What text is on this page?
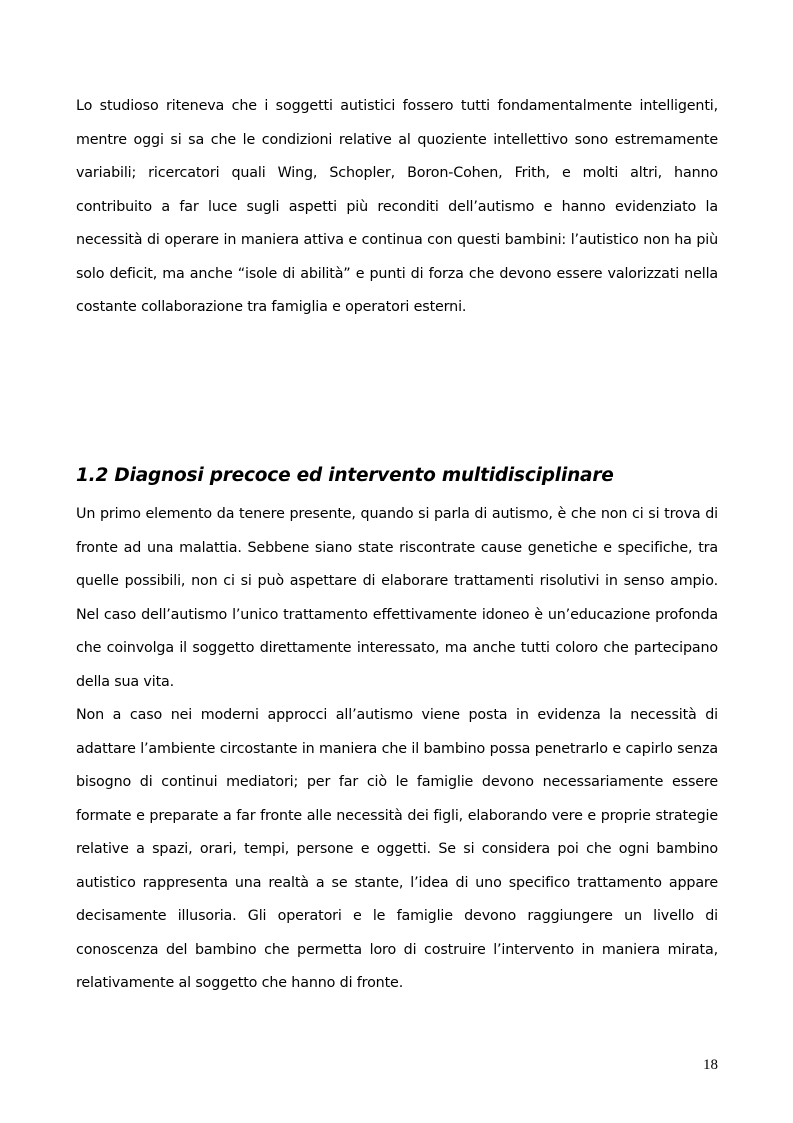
Lo studioso riteneva che i soggetti autistici fossero tutti fondamentalmente intelligenti, mentre oggi si sa che le condizioni relative al quoziente intellettivo sono estremamente variabili; ricercatori quali Wing, Schopler, Boron-Cohen, Frith, e molti altri, hanno contribuito a far luce sugli aspetti più reconditi dell’autismo e hanno evidenziato la necessità di operare in maniera attiva e continua con questi bambini: l’autistico non ha più solo deficit, ma anche “isole di abilità” e punti di forza che devono essere valorizzati nella costante collaborazione tra famiglia e operatori esterni.

1.2 Diagnosi precoce ed intervento multidisciplinare

Un primo elemento da tenere presente, quando si parla di autismo, è che non ci si trova di fronte ad una malattia. Sebbene siano state riscontrate cause genetiche e specifiche, tra quelle possibili, non ci si può aspettare di elaborare trattamenti risolutivi in senso ampio. Nel caso dell’autismo l’unico trattamento effettivamente idoneo è un’educazione profonda che coinvolga il soggetto direttamente interessato, ma anche tutti coloro che partecipano della sua vita.

Non a caso nei moderni approcci all’autismo viene posta in evidenza la necessità di adattare l’ambiente circostante in maniera che il bambino possa penetrarlo e capirlo senza bisogno di continui mediatori; per far ciò le famiglie devono necessariamente essere formate e preparate a far fronte alle necessità dei figli, elaborando vere e proprie strategie relative a spazi, orari, tempi, persone e oggetti. Se si considera poi che ogni bambino autistico rappresenta una realtà a se stante, l’idea di uno specifico trattamento appare decisamente illusoria. Gli operatori e le famiglie devono raggiungere un livello di conoscenza del bambino che permetta loro di costruire l’intervento in maniera mirata, relativamente al soggetto che hanno di fronte.

18
